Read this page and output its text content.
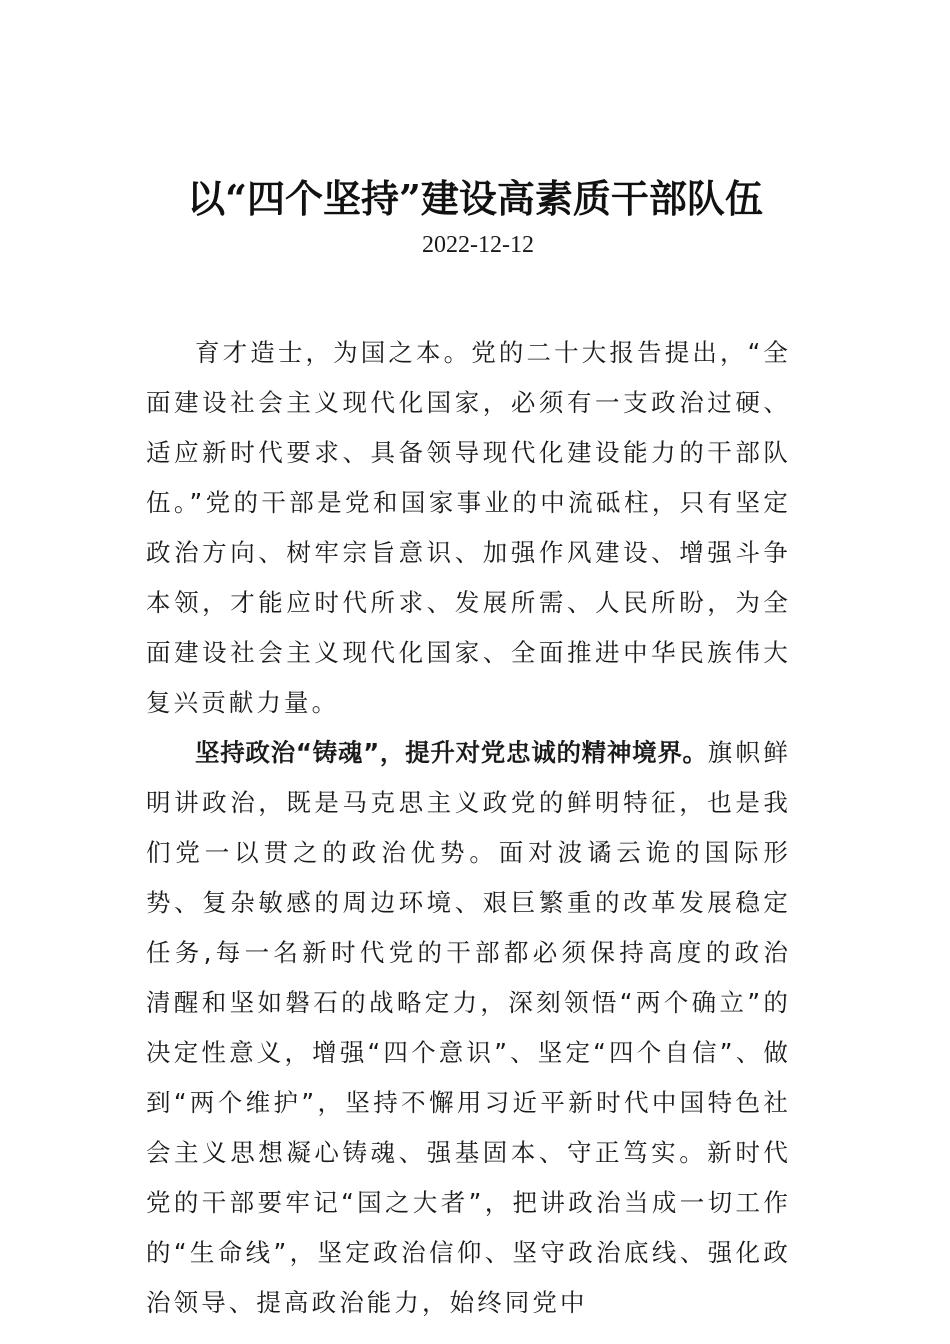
以“四个坚持”建设高素质干部队伍

2022-12-12

育才造士，为国之本。党的二十大报告提出，“全面建设社会主义现代化国家，必须有一支政治过硬、适应新时代要求、具备领导现代化建设能力的干部队伍。”党的干部是党和国家事业的中流砥柱，只有坚定政治方向、树牢宗旨意识、加强作风建设、增强斗争本领，才能应时代所求、发展所需、人民所盼，为全面建设社会主义现代化国家、全面推进中华民族伟大复兴贡献力量。

坚持政治“铸魂”，提升对党忠诚的精神境界。旗帜鲜明讲政治，既是马克思主义政党的鲜明特征，也是我们党一以贯之的政治优势。面对波谲云诡的国际形势、复杂敏感的周边环境、艰巨繁重的改革发展稳定任务,每一名新时代党的干部都必须保持高度的政治清醒和坚如磐石的战略定力，深刻领悟“两个确立”的决定性意义，增强“四个意识”、坚定“四个自信”、做到“两个维护”，坚持不懈用习近平新时代中国特色社会主义思想凝心铸魂、强基固本、守正笃实。新时代党的干部要牢记“国之大者”，把讲政治当成一切工作的“生命线”，坚定政治信仰、坚守政治底线、强化政治领导、提高政治能力，始终同党中
